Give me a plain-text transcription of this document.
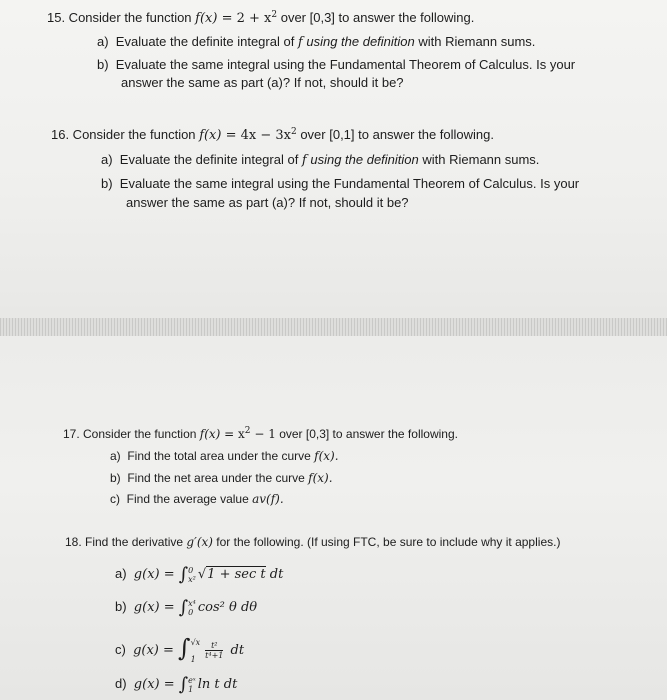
15. Consider the function $f(x) = 2 + x^2$ over [0,3] to answer the following.
a) Evaluate the definite integral of f using the definition with Riemann sums.
b) Evaluate the same integral using the Fundamental Theorem of Calculus. Is your
answer the same as part (a)? If not, should it be?
16. Consider the function $f(x) = 4x - 3x^2$ over [0,1] to answer the following.
a) Evaluate the definite integral of f using the definition with Riemann sums.
b) Evaluate the same integral using the Fundamental Theorem of Calculus. Is your
answer the same as part (a)? If not, should it be?
17. Consider the function $f(x) = x^2 - 1$ over [0,3] to answer the following.
a) Find the total area under the curve f(x).
b) Find the net area under the curve f(x).
c) Find the average value av(f).
18. Find the derivative g′(x) for the following. (If using FTC, be sure to include why it applies.)
a) g(x) = ∫ 0
x² √1 + sec t dt
b) g(x) = ∫ x⁴
0 cos² θ dθ
c) g(x) = ∫ √x
1	$\frac{\text{t²}}{\text{t⁴+1}}$ dt
d) g(x) = ∫ eˣ
1 ln t dt
